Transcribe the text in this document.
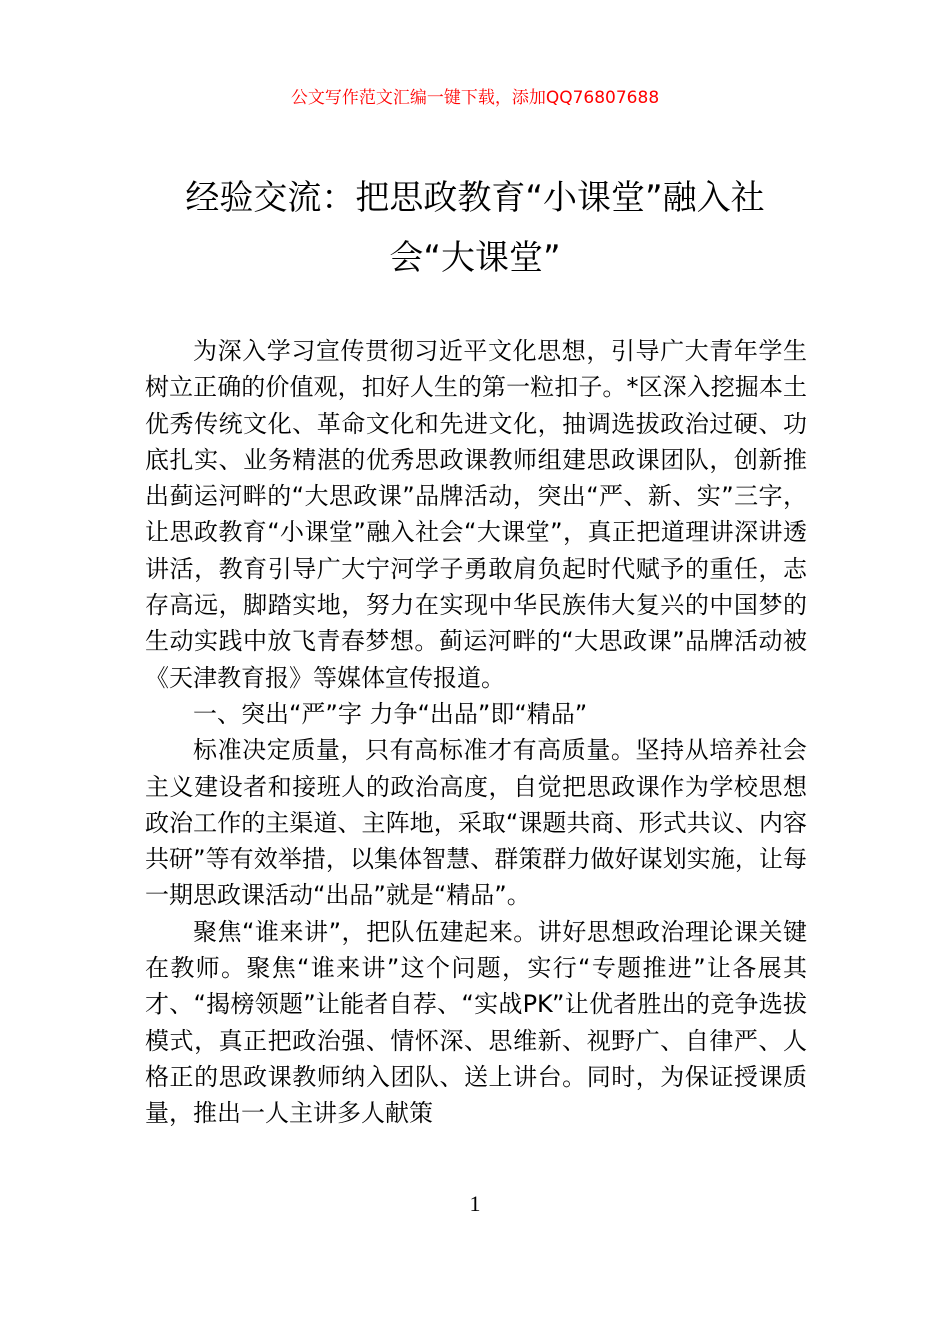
公文写作范文汇编一键下载，添加QQ76807688
经验交流：把思政教育“小课堂”融入社
会“大课堂”

为深入学习宣传贯彻习近平文化思想，引导广大青年学生树立正确的价值观，扣好人生的第一粒扣子。*区深入挖掘本土优秀传统文化、革命文化和先进文化，抽调选拔政治过硬、功底扎实、业务精湛的优秀思政课教师组建思政课团队，创新推出蓟运河畔的“大思政课”品牌活动，突出“严、新、实”三字，让思政教育“小课堂”融入社会“大课堂”，真正把道理讲深讲透讲活，教育引导广大宁河学子勇敢肩负起时代赋予的重任，志存高远，脚踏实地，努力在实现中华民族伟大复兴的中国梦的生动实践中放飞青春梦想。蓟运河畔的“大思政课”品牌活动被《天津教育报》等媒体宣传报道。

一、突出“严”字 力争“出品”即“精品”

标准决定质量，只有高标准才有高质量。坚持从培养社会主义建设者和接班人的政治高度，自觉把思政课作为学校思想政治工作的主渠道、主阵地，采取“课题共商、形式共议、内容共研”等有效举措，以集体智慧、群策群力做好谋划实施，让每一期思政课活动“出品”就是“精品”。

聚焦“谁来讲”，把队伍建起来。讲好思想政治理论课关键在教师。聚焦“谁来讲”这个问题，实行“专题推进”让各展其才、“揭榜领题”让能者自荐、“实战PK”让优者胜出的竞争选拔模式，真正把政治强、情怀深、思维新、视野广、自律严、人格正的思政课教师纳入团队、送上讲台。同时，为保证授课质量，推出一人主讲多人献策

1
